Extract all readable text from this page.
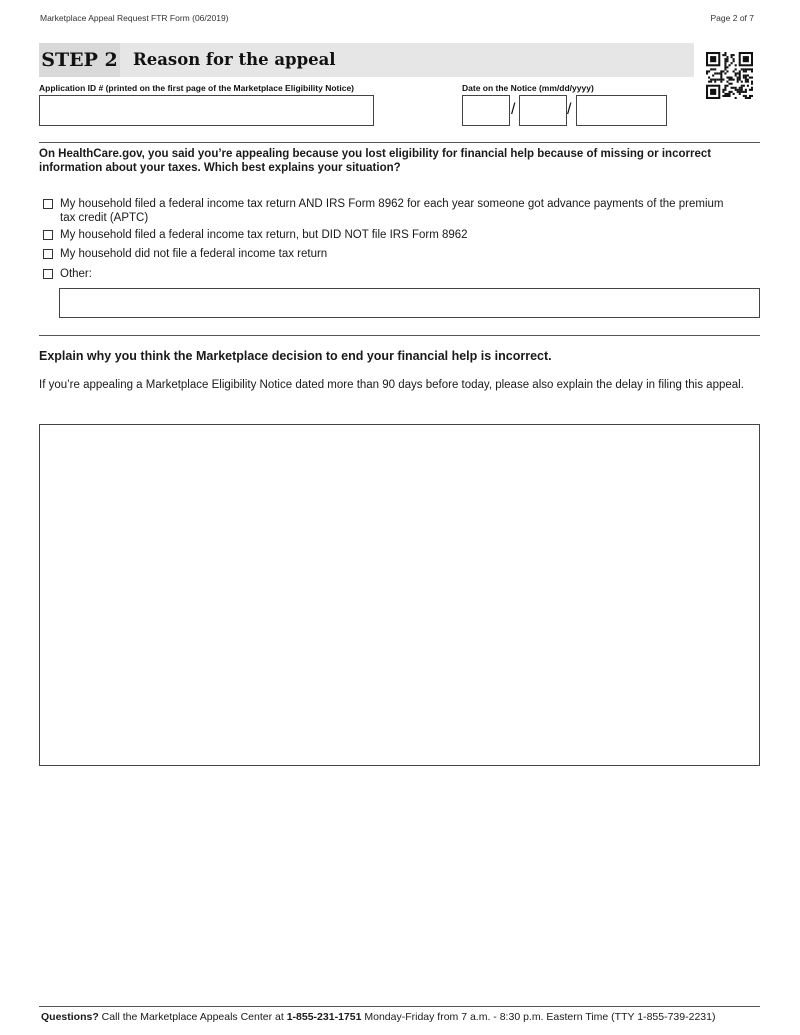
Marketplace Appeal Request FTR Form (06/2019)	Page 2 of 7
STEP 2 Reason for the appeal
Application ID # (printed on the first page of the Marketplace Eligibility Notice)	Date on the Notice (mm/dd/yyyy)
/	/
On HealthCare.gov, you said you’re appealing because you lost eligibility for financial help because of missing or incorrect information about your taxes. Which best explains your situation?
My household filed a federal income tax return AND IRS Form 8962 for each year someone got advance payments of the premium tax credit (APTC)
My household filed a federal income tax return, but DID NOT file IRS Form 8962
My household did not file a federal income tax return
Other:
Explain why you think the Marketplace decision to end your financial help is incorrect.
If you’re appealing a Marketplace Eligibility Notice dated more than 90 days before today, please also explain the delay in filing this appeal.
Questions? Call the Marketplace Appeals Center at 1-855-231-1751 Monday-Friday from 7 a.m. - 8:30 p.m. Eastern Time (TTY 1-855-739-2231)
